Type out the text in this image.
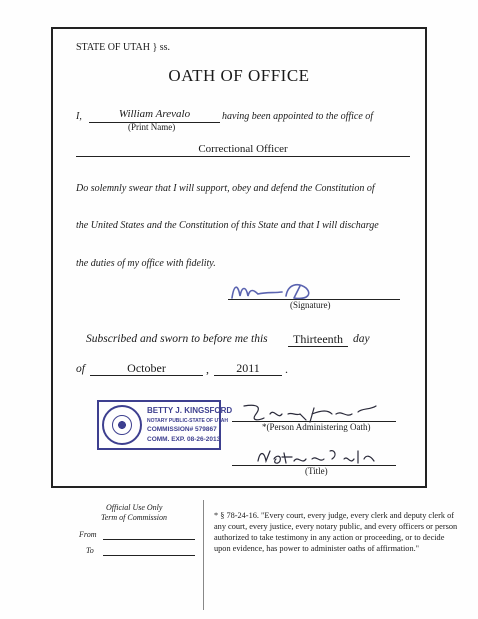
STATE OF UTAH } ss.
OATH OF OFFICE
I,	William Arevalo	having been appointed to the office of
(Print Name)
Correctional Officer
Do solemnly swear that I will support, obey and defend the Constitution of
the United States and the Constitution of this State and that I will discharge
the duties of my office with fidelity.
(Signature)
Subscribed and sworn to before me this	Thirteenth day
of	October	,	2011	.
BETTY J. KINGSFORD
NOTARY PUBLIC-STATE OF UTAH
COMMISSION# 579867
COMM. EXP. 08-26-2013
*(Person Administering Oath)
(Title)
Official Use Only
Term of Commission
From
To
* § 78-24-16. "Every court, every judge, every clerk and deputy clerk of any court, every justice, every notary public, and every officers or person authorized to take testimony in any action or proceeding, or to decide upon evidence, has power to administer oaths of affirmation."
